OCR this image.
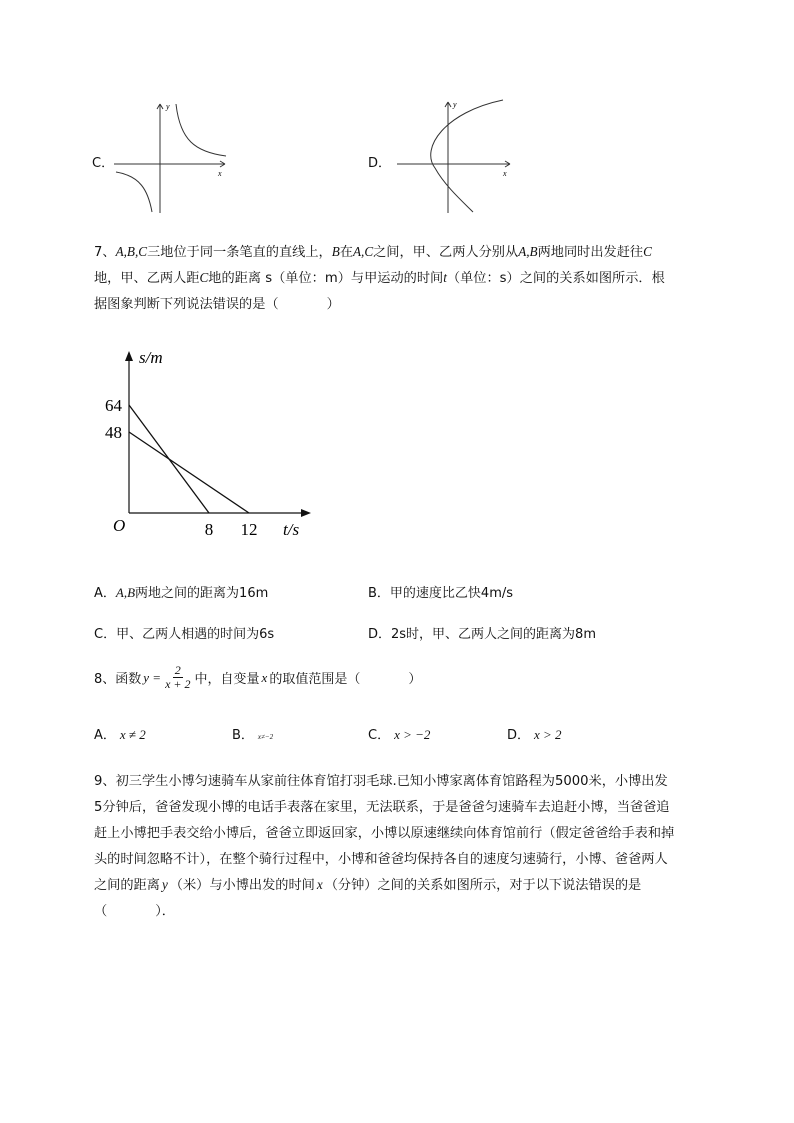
C．
y
x
D．
y
x
7、A,B,C三地位于同一条笔直的直线上，B在A,C之间，甲、乙两人分别从A,B两地同时出发赶往C
地，甲、乙两人距C地的距离 s（单位：m）与甲运动的时间t（单位：s）之间的关系如图所示．根
据图象判断下列说法错误的是（	）
s/m
t/s
O
64
48
8 12
A．A,B两地之间的距离为16m	B．甲的速度比乙快4m/s
C．甲、乙两人相遇的时间为6s	D．2s时，甲、乙两人之间的距离为8m
8、函数 $y = \frac{2}{x + 2}$ 中，自变量 x 的取值范围是（	）
A． x ≠ 2	B． x≠−2	C． x > −2	D． x > 2
9、初三学生小博匀速骑车从家前往体育馆打羽毛球.已知小博家离体育馆路程为5000米，小博出发
5分钟后，爸爸发现小博的电话手表落在家里，无法联系，于是爸爸匀速骑车去追赶小博，当爸爸追
赶上小博把手表交给小博后，爸爸立即返回家，小博以原速继续向体育馆前行（假定爸爸给手表和掉
头的时间忽略不计），在整个骑行过程中，小博和爸爸均保持各自的速度匀速骑行，小博、爸爸两人
之间的距离 y （米）与小博出发的时间 x （分钟）之间的关系如图所示，对于以下说法错误的是
（	）．
